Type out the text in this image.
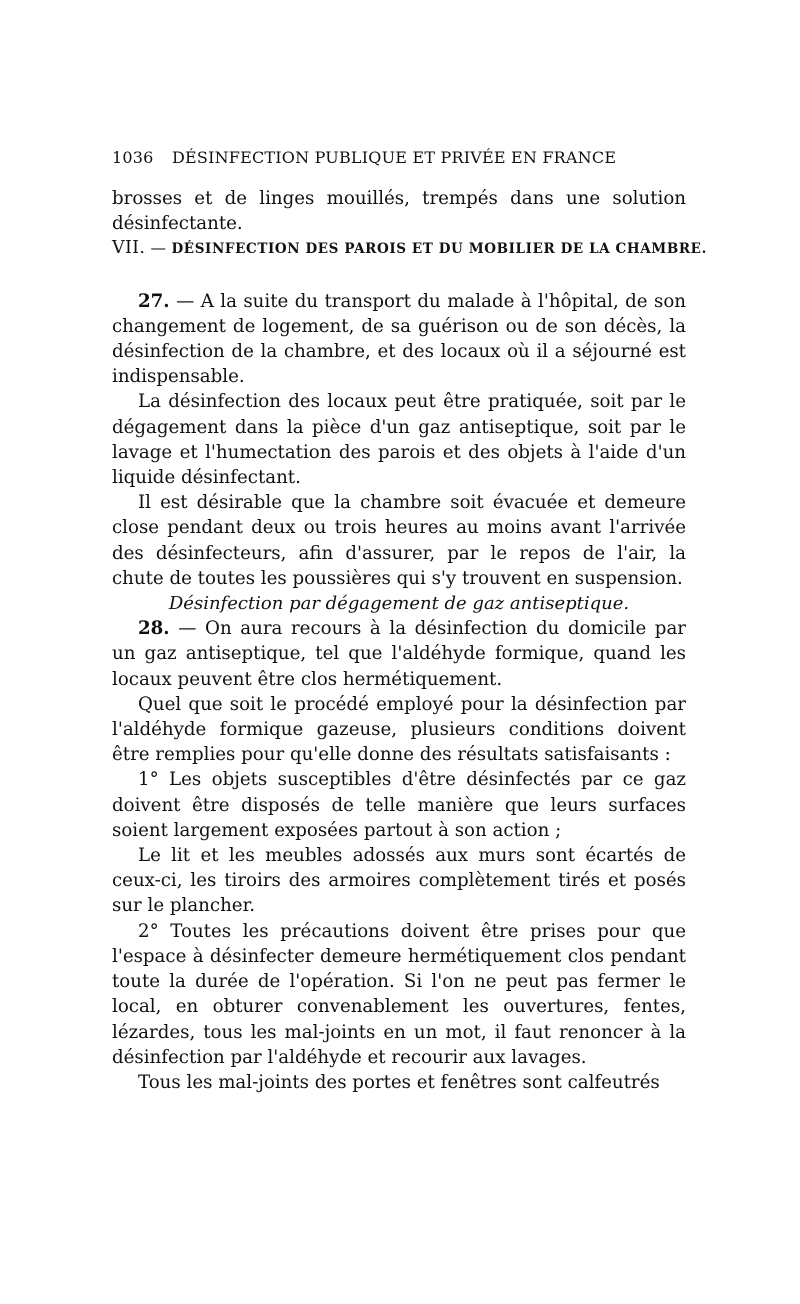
1036	DÉSINFECTION PUBLIQUE ET PRIVÉE EN FRANCE

brosses et de linges mouillés, trempés dans une solution désinfectante.

VII. — DÉSINFECTION DES PAROIS ET DU MOBILIER DE LA CHAMBRE.

27. — A la suite du transport du malade à l'hôpital, de son changement de logement, de sa guérison ou de son décès, la désinfection de la chambre, et des locaux où il a séjourné est indispensable.

La désinfection des locaux peut être pratiquée, soit par le dégagement dans la pièce d'un gaz antiseptique, soit par le lavage et l'humectation des parois et des objets à l'aide d'un liquide désinfectant.

Il est désirable que la chambre soit évacuée et demeure close pendant deux ou trois heures au moins avant l'arrivée des désinfecteurs, afin d'assurer, par le repos de l'air, la chute de toutes les poussières qui s'y trouvent en suspension.

Désinfection par dégagement de gaz antiseptique.

28. — On aura recours à la désinfection du domicile par un gaz antiseptique, tel que l'aldéhyde formique, quand les locaux peuvent être clos hermétiquement.

Quel que soit le procédé employé pour la désinfection par l'aldéhyde formique gazeuse, plusieurs conditions doivent être remplies pour qu'elle donne des résultats satisfaisants :

1° Les objets susceptibles d'être désinfectés par ce gaz doivent être disposés de telle manière que leurs surfaces soient largement exposées partout à son action ;

Le lit et les meubles adossés aux murs sont écartés de ceux-ci, les tiroirs des armoires complètement tirés et posés sur le plancher.

2° Toutes les précautions doivent être prises pour que l'espace à désinfecter demeure hermétiquement clos pendant toute la durée de l'opération. Si l'on ne peut pas fermer le local, en obturer convenablement les ouvertures, fentes, lézardes, tous les mal-joints en un mot, il faut renoncer à la désinfection par l'aldéhyde et recourir aux lavages.

Tous les mal-joints des portes et fenêtres sont calfeutrés
